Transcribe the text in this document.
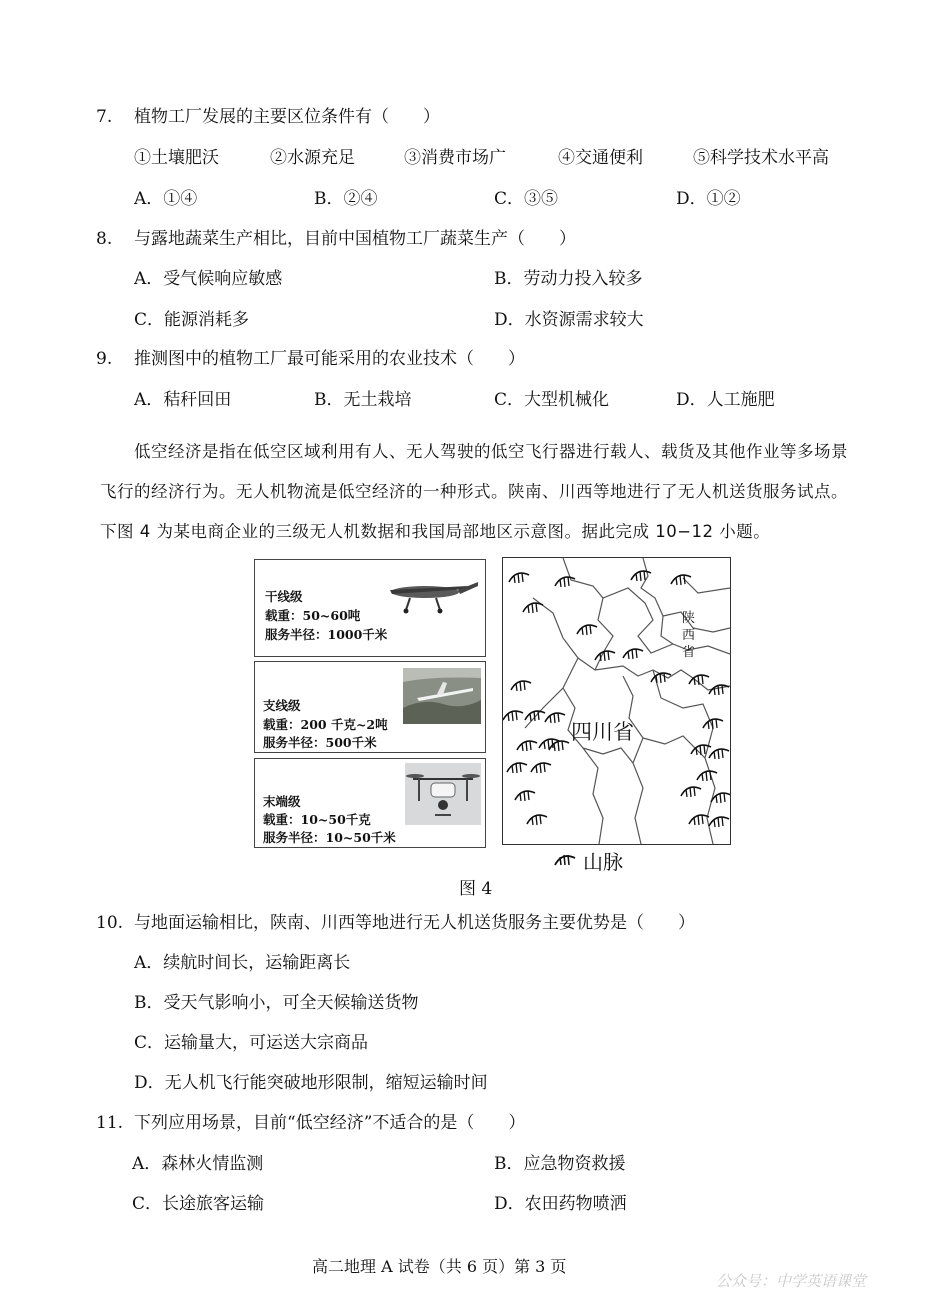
7. 植物工厂发展的主要区位条件有（　　）
①土壤肥沃	②水源充足	③消费市场广	④交通便利	⑤科学技术水平高
A．①④	B．②④	C．③⑤	D．①②
8. 与露地蔬菜生产相比，目前中国植物工厂蔬菜生产（　　）
A．受气候响应敏感	B．劳动力投入较多
C．能源消耗多	D．水资源需求较大
9. 推测图中的植物工厂最可能采用的农业技术（　　）
A．秸秆回田	B．无土栽培	C．大型机械化	D．人工施肥
低空经济是指在低空区域利用有人、无人驾驶的低空飞行器进行载人、载货及其他作业等多场景飞行的经济行为。无人机物流是低空经济的一种形式。陕南、川西等地进行了无人机送货服务试点。下图 4 为某电商企业的三级无人机数据和我国局部地区示意图。据此完成 10−12 小题。
干线级
载重：50~60吨
服务半径：1000千米
支线级
载重：200 千克~2吨
服务半径：500千米
末端级
载重：10~50千克
服务半径：10~50千米
四川省
陕
西
省
山脉
图 4
10. 与地面运输相比，陕南、川西等地进行无人机送货服务主要优势是（　　）
A．续航时间长，运输距离长
B．受天气影响小，可全天候输送货物
C．运输量大，可运送大宗商品
D．无人机飞行能突破地形限制，缩短运输时间
11. 下列应用场景，目前“低空经济”不适合的是（　　）
A．森林火情监测	B．应急物资救援
C．长途旅客运输	D．农田药物喷洒
高二地理 A 试卷（共 6 页）第 3 页
公众号：中学英语课堂
